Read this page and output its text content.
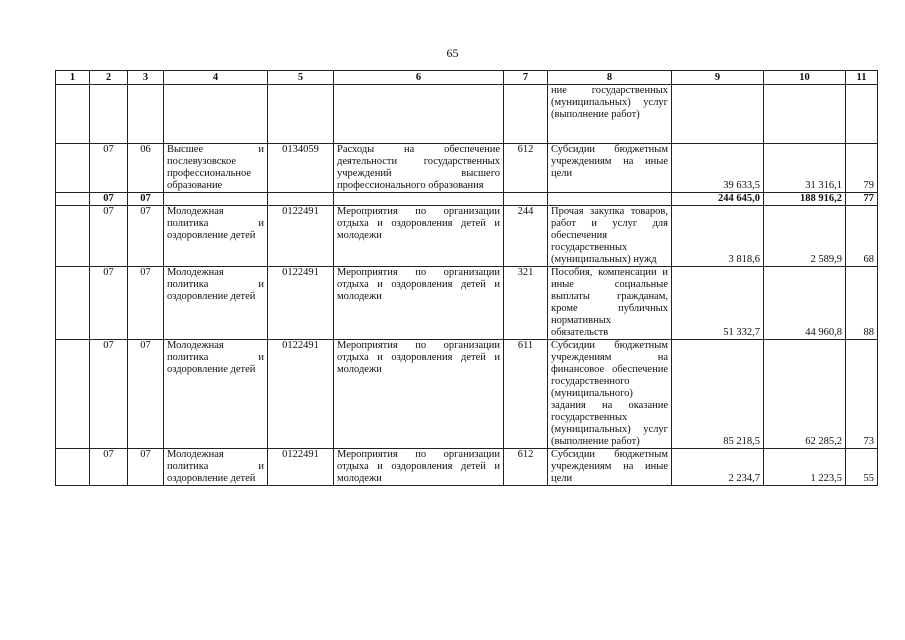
65
1	2	3	4	5	6	7	8	9	10	11
							ние государственных (муниципальных) услуг (выполнение работ)			
	07	06	Высшее и послевузовское профессиональное образование	0134059	Расходы на обеспечение деятельности государственных учреждений высшего профессионального образования	612	Субсидии бюджетным учреждениям на иные цели	39 633,5	31 316,1	79
	07	07						244 645,0	188 916,2	77
	07	07	Молодежная политика и оздоровление детей	0122491	Мероприятия по организации отдыха и оздоровления детей и молодежи	244	Прочая закупка товаров, работ и услуг для обеспечения государственных (муниципальных) нужд	3 818,6	2 589,9	68
	07	07	Молодежная политика и оздоровление детей	0122491	Мероприятия по организации отдыха и оздоровления детей и молодежи	321	Пособия, компенсации и иные социальные выплаты гражданам, кроме публичных нормативных обязательств	51 332,7	44 960,8	88
	07	07	Молодежная политика и оздоровление детей	0122491	Мероприятия по организации отдыха и оздоровления детей и молодежи	611	Субсидии бюджетным учреждениям на финансовое обеспечение государственного (муниципального) задания на оказание государственных (муниципальных) услуг (выполнение работ)	85 218,5	62 285,2	73
	07	07	Молодежная политика и оздоровление детей	0122491	Мероприятия по организации отдыха и оздоровления детей и молодежи	612	Субсидии бюджетным учреждениям на иные цели	2 234,7	1 223,5	55
